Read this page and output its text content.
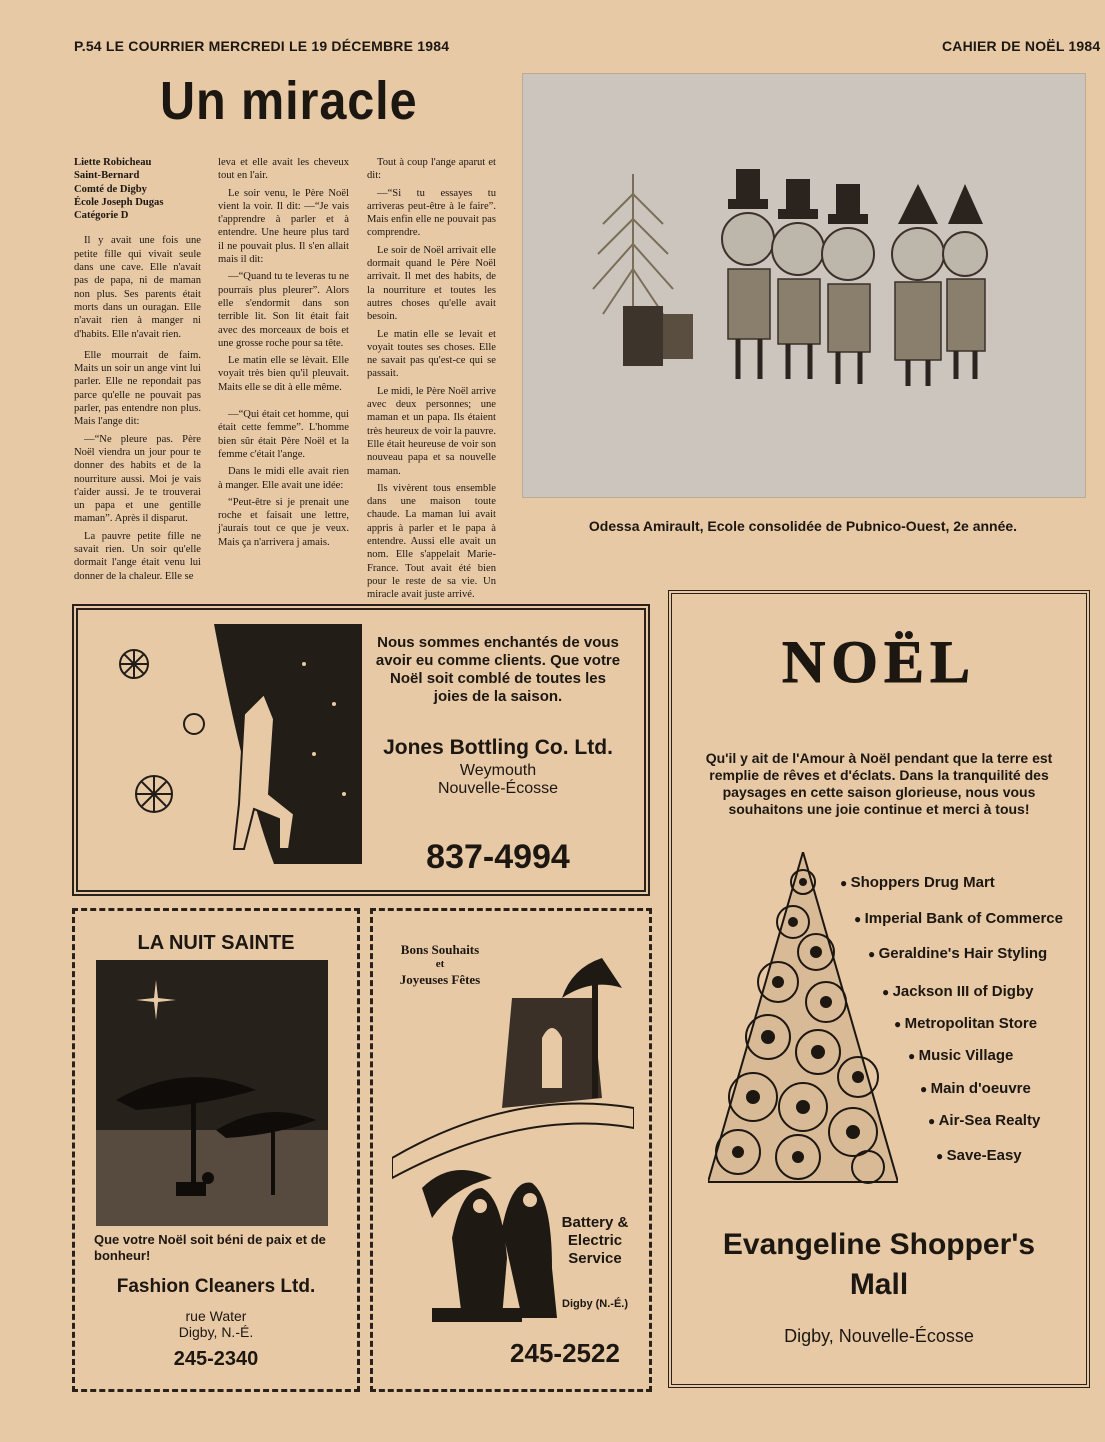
P.54 LE COURRIER MERCREDI LE 19 DÉCEMBRE 1984	CAHIER DE NOËL 1984
Un miracle

Liette Robicheau

Saint-Bernard

Comté de Digby

École Joseph Dugas

Catégorie D

Il y avait une fois une petite fille qui vivait seule dans une cave. Elle n'avait pas de papa, ni de maman non plus. Ses parents était morts dans un ouragan. Elle n'avait rien à manger ni d'habits. Elle n'avait rien.

Elle mourrait de faim. Maits un soir un ange vint lui parler. Elle ne repondait pas parce qu'elle ne pouvait pas parler, pas entendre non plus. Mais l'ange dit:

—“Ne pleure pas. Père Noël viendra un jour pour te donner des habits et de la nourriture aussi. Moi je vais t'aider aussi. Je te trouverai un papa et une gentille maman”. Après il disparut.

La pauvre petite fille ne savait rien. Un soir qu'elle dormait l'ange était venu lui donner de la chaleur. Elle se

leva et elle avait les cheveux tout en l'air.

Le soir venu, le Père Noël vient la voir. Il dit: —“Je vais t'apprendre à parler et à entendre. Une heure plus tard il ne pouvait plus. Il s'en allait mais il dit:

—“Quand tu te leveras tu ne pourrais plus pleurer”. Alors elle s'endormit dans son terrible lit. Son lit était fait avec des morceaux de bois et une grosse roche pour sa tête.

Le matin elle se lèvait. Elle voyait très bien qu'il pleuvait. Maits elle se dit à elle même.

—“Qui était cet homme, qui était cette femme”. L'homme bien sûr était Père Noël et la femme c'était l'ange.

Dans le midi elle avait rien à manger. Elle avait une idée:

“Peut-être si je prenait une roche et faisait une lettre, j'aurais tout ce que je veux. Mais ça n'arrivera j amais.

Tout à coup l'ange aparut et dit:

—“Si tu essayes tu arriveras peut-être à le faire”. Mais enfin elle ne pouvait pas comprendre.

Le soir de Noël arrivait elle dormait quand le Père Noël arrivait. Il met des habits, de la nourriture et toutes les autres choses qu'elle avait besoin.

Le matin elle se levait et voyait toutes ses choses. Elle ne savait pas qu'est-ce qui se passait.

Le midi, le Père Noël arrive avec deux personnes; une maman et un papa. Ils étaient très heureux de voir la pauvre. Elle était heureuse de voir son nouveau papa et sa nouvelle maman.

Ils vivèrent tous ensemble dans une maison toute chaude. La maman lui avait appris à parler et le papa à entendre. Aussi elle avait un nom. Elle s'appelait Marie-France. Tout avait été bien pour le reste de sa vie. Un miracle avait juste arrivé.

Odessa Amirault, Ecole consolidée de Pubnico-Ouest, 2e année.
Nous sommes enchantés de vous avoir eu comme clients. Que votre Noël soit comblé de toutes les joies de la saison.
Jones Bottling Co. Ltd.
Weymouth
Nouvelle-Écosse
837-4994
LA NUIT SAINTE
Que votre Noël soit béni de paix et de bonheur!
Fashion Cleaners Ltd.
rue Water
Digby, N.-É.
245-2340
Bons Souhaits
et
Joyeuses Fêtes
Battery &
Electric
Service
Digby (N.-É.)
245-2522
NOËL
Qu'il y ait de l'Amour à Noël pendant que la terre est remplie de rêves et d'éclats. Dans la tranquilité des paysages en cette saison glorieuse, nous vous souhaitons une joie continue et merci à tous!
● Shoppers Drug Mart
● Imperial Bank of Commerce
● Geraldine's Hair Styling
● Jackson III of Digby
● Metropolitan Store
● Music Village
● Main d'oeuvre
● Air-Sea Realty
● Save-Easy
Evangeline Shopper's
Mall
Digby, Nouvelle-Écosse
